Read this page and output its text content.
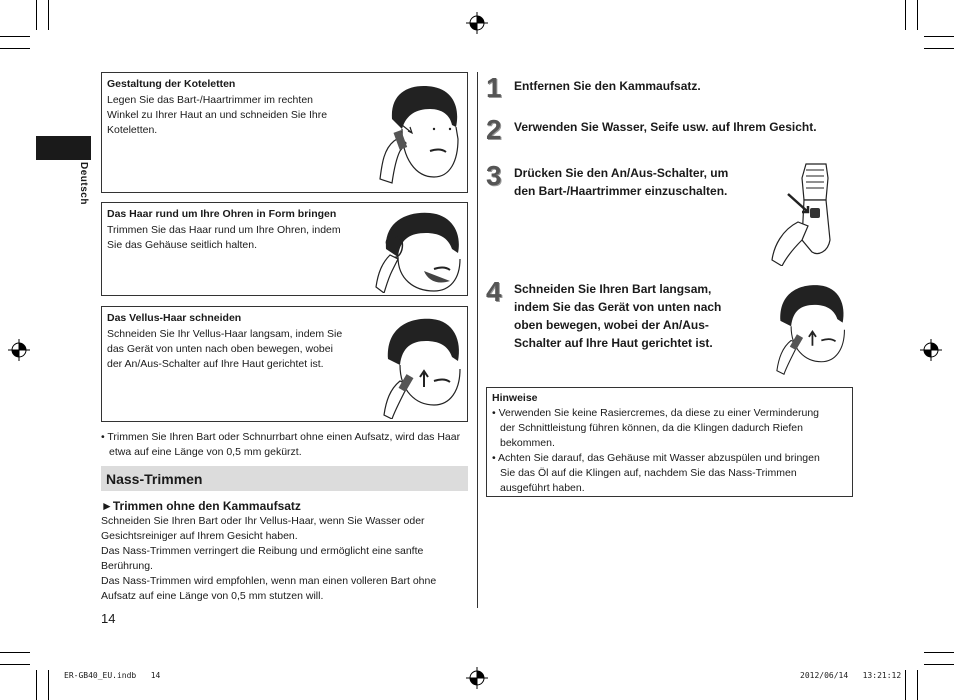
Deutsch
Gestaltung der Koteletten
Legen Sie das Bart-/Haartrimmer im rechten
Winkel zu Ihrer Haut an und schneiden Sie Ihre
Koteletten.
Das Haar rund um Ihre Ohren in Form bringen
Trimmen Sie das Haar rund um Ihre Ohren, indem
Sie das Gehäuse seitlich halten.
Das Vellus-Haar schneiden
Schneiden Sie Ihr Vellus-Haar langsam, indem Sie
das Gerät von unten nach oben bewegen, wobei
der An/Aus-Schalter auf Ihre Haut gerichtet ist.
• Trimmen Sie Ihren Bart oder Schnurrbart ohne einen Aufsatz, wird das Haar etwa auf eine Länge von 0,5 mm gekürzt.
Nass-Trimmen
►Trimmen ohne den Kammaufsatz
Schneiden Sie Ihren Bart oder Ihr Vellus-Haar, wenn Sie Wasser oder
Gesichtsreiniger auf Ihrem Gesicht haben.
Das Nass-Trimmen verringert die Reibung und ermöglicht eine sanfte
Berührung.
Das Nass-Trimmen wird empfohlen, wenn man einen volleren Bart ohne
Aufsatz auf eine Länge von 0,5 mm stutzen will.
14
1 Entfernen Sie den Kammaufsatz.
2 Verwenden Sie Wasser, Seife usw. auf Ihrem Gesicht.
3 Drücken Sie den An/Aus-Schalter, um
den Bart-/Haartrimmer einzuschalten.
4 Schneiden Sie Ihren Bart langsam,
indem Sie das Gerät von unten nach
oben bewegen, wobei der An/Aus-
Schalter auf Ihre Haut gerichtet ist.
Hinweise
• Verwenden Sie keine Rasiercremes, da diese zu einer Verminderung
der Schnittleistung führen können, da die Klingen dadurch Riefen
bekommen.
• Achten Sie darauf, das Gehäuse mit Wasser abzuspülen und bringen
Sie das Öl auf die Klingen auf, nachdem Sie das Nass-Trimmen
ausgeführt haben.
ER-GB40_EU.indb   14	2012/06/14   13:21:12
